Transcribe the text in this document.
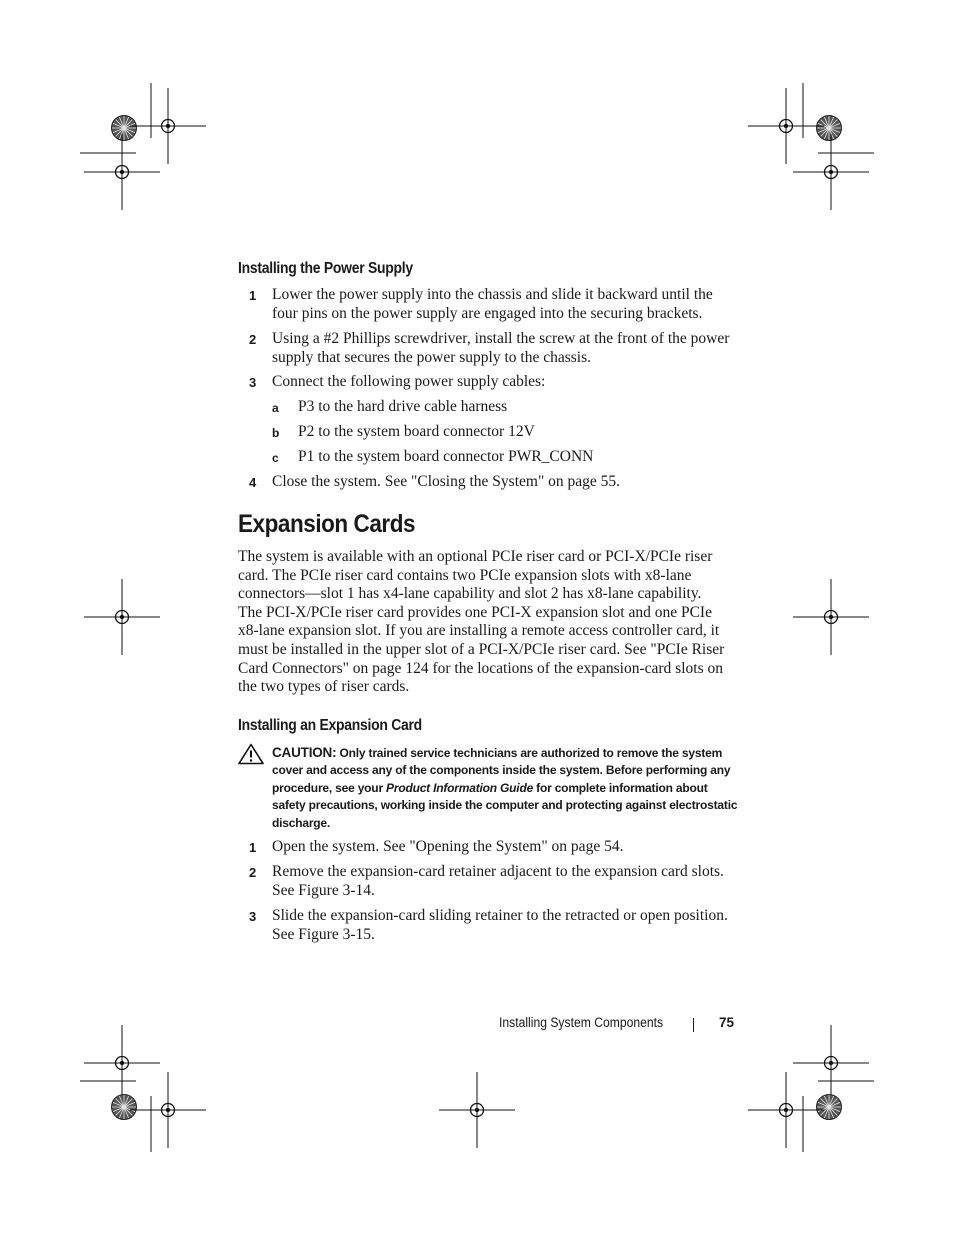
Installing the Power Supply
1 Lower the power supply into the chassis and slide it backward until the
four pins on the power supply are engaged into the securing brackets.
2 Using a #2 Phillips screwdriver, install the screw at the front of the power
supply that secures the power supply to the chassis.
3 Connect the following power supply cables:
a P3 to the hard drive cable harness
b P2 to the system board connector 12V
c P1 to the system board connector PWR_CONN
4 Close the system. See "Closing the System" on page 55.
Expansion Cards
The system is available with an optional PCIe riser card or PCI-X/PCIe riser
card. The PCIe riser card contains two PCIe expansion slots with x8-lane
connectors—slot 1 has x4-lane capability and slot 2 has x8-lane capability.
The PCI-X/PCIe riser card provides one PCI-X expansion slot and one PCIe
x8-lane expansion slot. If you are installing a remote access controller card, it
must be installed in the upper slot of a PCI-X/PCIe riser card. See "PCIe Riser
Card Connectors" on page 124 for the locations of the expansion-card slots on
the two types of riser cards.
Installing an Expansion Card
CAUTION: Only trained service technicians are authorized to remove the system cover and access any of the components inside the system. Before performing any procedure, see your Product Information Guide for complete information about safety precautions, working inside the computer and protecting against electrostatic discharge.
1 Open the system. See "Opening the System" on page 54.
2 Remove the expansion-card retainer adjacent to the expansion card slots.
See Figure 3-14.
3 Slide the expansion-card sliding retainer to the retracted or open position.
See Figure 3-15.
Installing System Components	75
